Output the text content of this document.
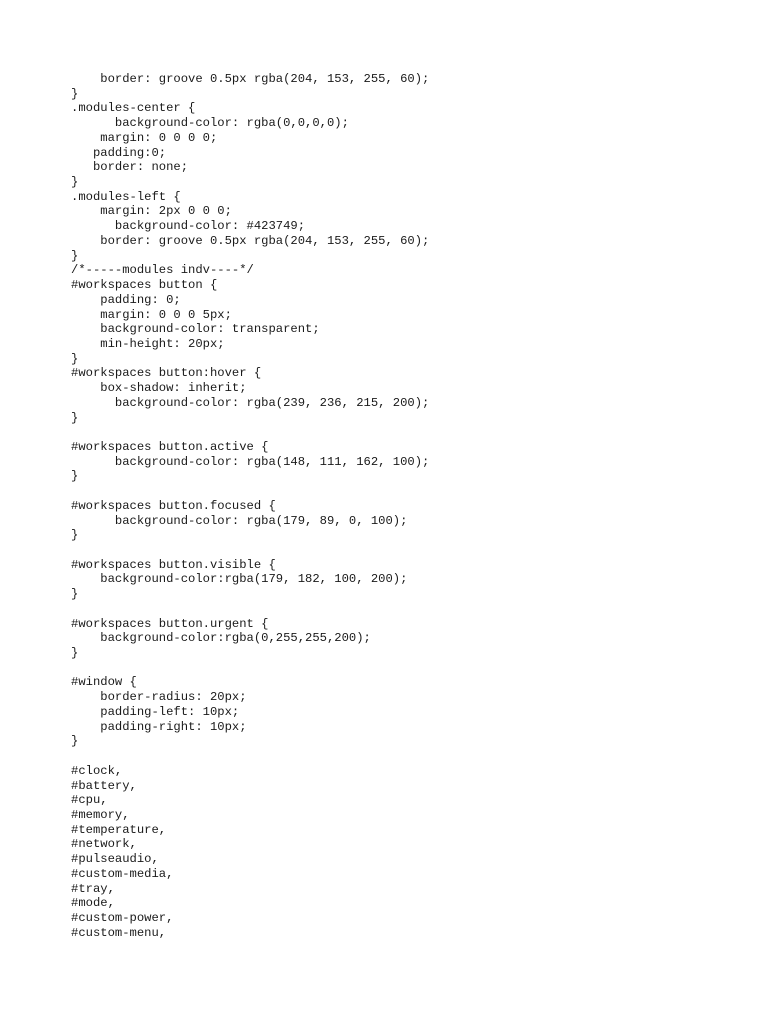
border: groove 0.5px rgba(204, 153, 255, 60);
}
.modules-center {
background-color: rgba(0,0,0,0);
margin: 0 0 0 0;
padding:0;
border: none;
}
.modules-left {
margin: 2px 0 0 0;
background-color: #423749;
border: groove 0.5px rgba(204, 153, 255, 60);
}
/*-----modules indv----*/
#workspaces button {
padding: 0;
margin: 0 0 0 5px;
background-color: transparent;
min-height: 20px;
}
#workspaces button:hover {
box-shadow: inherit;
background-color: rgba(239, 236, 215, 200);
}
#workspaces button.active {
background-color: rgba(148, 111, 162, 100);
}
#workspaces button.focused {
background-color: rgba(179, 89, 0, 100);
}
#workspaces button.visible {
background-color:rgba(179, 182, 100, 200);
}
#workspaces button.urgent {
background-color:rgba(0,255,255,200);
}
#window {
border-radius: 20px;
padding-left: 10px;
padding-right: 10px;
}
#clock,
#battery,
#cpu,
#memory,
#temperature,
#network,
#pulseaudio,
#custom-media,
#tray,
#mode,
#custom-power,
#custom-menu,
